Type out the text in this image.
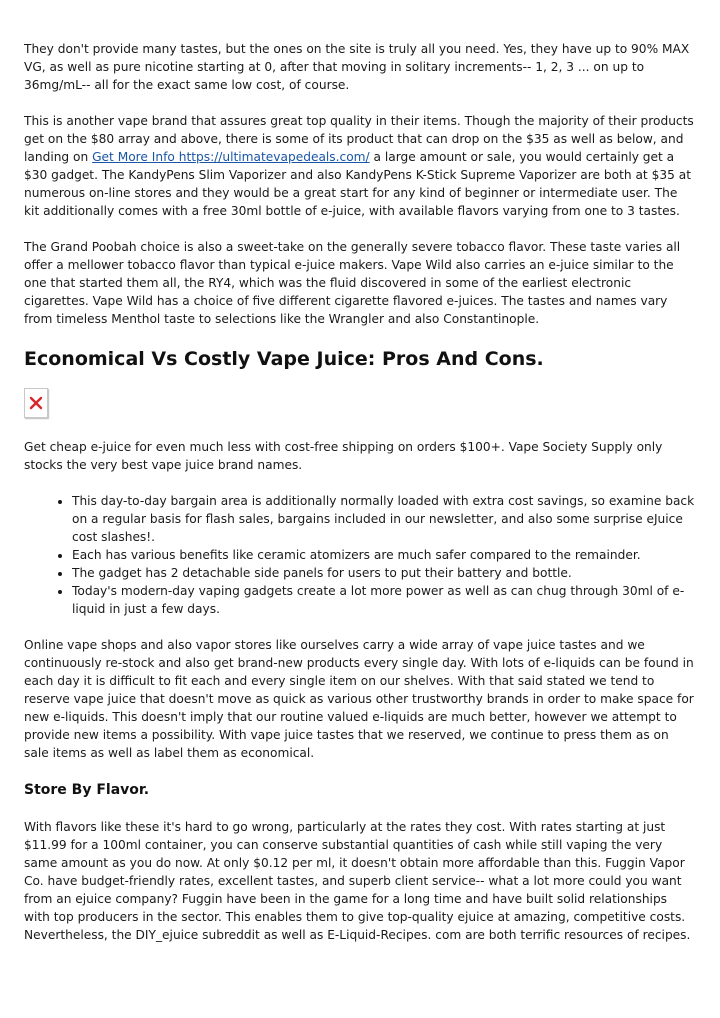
They don't provide many tastes, but the ones on the site is truly all you need. Yes, they have up to 90% MAX VG, as well as pure nicotine starting at 0, after that moving in solitary increments-- 1, 2, 3 ... on up to 36mg/mL-- all for the exact same low cost, of course.

This is another vape brand that assures great top quality in their items. Though the majority of their products get on the $80 array and above, there is some of its product that can drop on the $35 as well as below, and landing on Get More Info https://ultimatevapedeals.com/ a large amount or sale, you would certainly get a $30 gadget. The KandyPens Slim Vaporizer and also KandyPens K-Stick Supreme Vaporizer are both at $35 at numerous on-line stores and they would be a great start for any kind of beginner or intermediate user. The kit additionally comes with a free 30ml bottle of e-juice, with available flavors varying from one to 3 tastes.

The Grand Poobah choice is also a sweet-take on the generally severe tobacco flavor. These taste varies all offer a mellower tobacco flavor than typical e-juice makers. Vape Wild also carries an e-juice similar to the one that started them all, the RY4, which was the fluid discovered in some of the earliest electronic cigarettes. Vape Wild has a choice of five different cigarette flavored e-juices. The tastes and names vary from timeless Menthol taste to selections like the Wrangler and also Constantinople.

Economical Vs Costly Vape Juice: Pros And Cons.

Get cheap e-juice for even much less with cost-free shipping on orders $100+. Vape Society Supply only stocks the very best vape juice brand names.

• This day-to-day bargain area is additionally normally loaded with extra cost savings, so examine back on a regular basis for flash sales, bargains included in our newsletter, and also some surprise eJuice cost slashes!.
• Each has various benefits like ceramic atomizers are much safer compared to the remainder.
• The gadget has 2 detachable side panels for users to put their battery and bottle.
• Today's modern-day vaping gadgets create a lot more power as well as can chug through 30ml of e-liquid in just a few days.

Online vape shops and also vapor stores like ourselves carry a wide array of vape juice tastes and we continuously re-stock and also get brand-new products every single day. With lots of e-liquids can be found in each day it is difficult to fit each and every single item on our shelves. With that said stated we tend to reserve vape juice that doesn't move as quick as various other trustworthy brands in order to make space for new e-liquids. This doesn't imply that our routine valued e-liquids are much better, however we attempt to provide new items a possibility. With vape juice tastes that we reserved, we continue to press them as on sale items as well as label them as economical.

Store By Flavor.

With flavors like these it's hard to go wrong, particularly at the rates they cost. With rates starting at just $11.99 for a 100ml container, you can conserve substantial quantities of cash while still vaping the very same amount as you do now. At only $0.12 per ml, it doesn't obtain more affordable than this. Fuggin Vapor Co. have budget-friendly rates, excellent tastes, and superb client service-- what a lot more could you want from an ejuice company? Fuggin have been in the game for a long time and have built solid relationships with top producers in the sector. This enables them to give top-quality ejuice at amazing, competitive costs. Nevertheless, the DIY_ejuice subreddit as well as E-Liquid-Recipes. com are both terrific resources of recipes.
